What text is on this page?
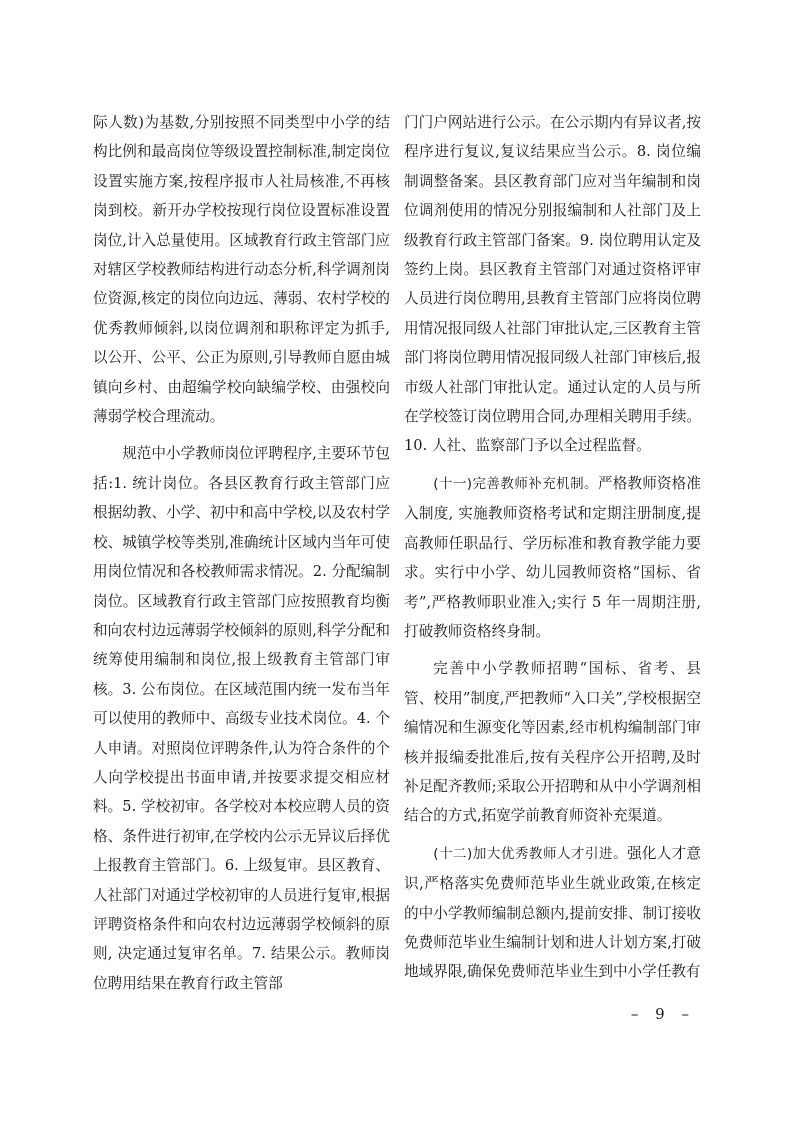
际人数)为基数,分别按照不同类型中小学的结构比例和最高岗位等级设置控制标准,制定岗位设置实施方案,按程序报市人社局核准,不再核岗到校。新开办学校按现行岗位设置标准设置岗位,计入总量使用。区域教育行政主管部门应对辖区学校教师结构进行动态分析,科学调剂岗位资源,核定的岗位向边远、薄弱、农村学校的优秀教师倾斜,以岗位调剂和职称评定为抓手,以公开、公平、公正为原则,引导教师自愿由城镇向乡村、由超编学校向缺编学校、由强校向薄弱学校合理流动。

规范中小学教师岗位评聘程序,主要环节包括:1. 统计岗位。各县区教育行政主管部门应根据幼教、小学、初中和高中学校,以及农村学校、城镇学校等类别,准确统计区域内当年可使用岗位情况和各校教师需求情况。2. 分配编制岗位。区域教育行政主管部门应按照教育均衡和向农村边远薄弱学校倾斜的原则,科学分配和统筹使用编制和岗位,报上级教育主管部门审核。3. 公布岗位。在区域范围内统一发布当年可以使用的教师中、高级专业技术岗位。4. 个人申请。对照岗位评聘条件,认为符合条件的个人向学校提出书面申请,并按要求提交相应材料。5. 学校初审。各学校对本校应聘人员的资格、条件进行初审,在学校内公示无异议后择优上报教育主管部门。6. 上级复审。县区教育、人社部门对通过学校初审的人员进行复审,根据评聘资格条件和向农村边远薄弱学校倾斜的原则, 决定通过复审名单。7. 结果公示。教师岗位聘用结果在教育行政主管部

门门户网站进行公示。在公示期内有异议者,按程序进行复议,复议结果应当公示。8. 岗位编制调整备案。县区教育部门应对当年编制和岗位调剂使用的情况分别报编制和人社部门及上级教育行政主管部门备案。9. 岗位聘用认定及签约上岗。县区教育主管部门对通过资格评审人员进行岗位聘用,县教育主管部门应将岗位聘用情况报同级人社部门审批认定,三区教育主管部门将岗位聘用情况报同级人社部门审核后,报市级人社部门审批认定。通过认定的人员与所在学校签订岗位聘用合同,办理相关聘用手续。10. 人社、监察部门予以全过程监督。

(十一)完善教师补充机制。严格教师资格准入制度, 实施教师资格考试和定期注册制度,提高教师任职品行、学历标准和教育教学能力要求。实行中小学、幼儿园教师资格“国标、省考”,严格教师职业准入;实行 5 年一周期注册, 打破教师资格终身制。

完善中小学教师招聘“国标、省考、县管、校用”制度,严把教师“入口关”,学校根据空编情况和生源变化等因素,经市机构编制部门审核并报编委批准后,按有关程序公开招聘,及时补足配齐教师;采取公开招聘和从中小学调剂相结合的方式,拓宽学前教育师资补充渠道。

(十二)加大优秀教师人才引进。强化人才意识,严格落实免费师范毕业生就业政策,在核定的中小学教师编制总额内,提前安排、制订接收免费师范毕业生编制计划和进人计划方案,打破地域界限,确保免费师范毕业生到中小学任教有

– 9 –
